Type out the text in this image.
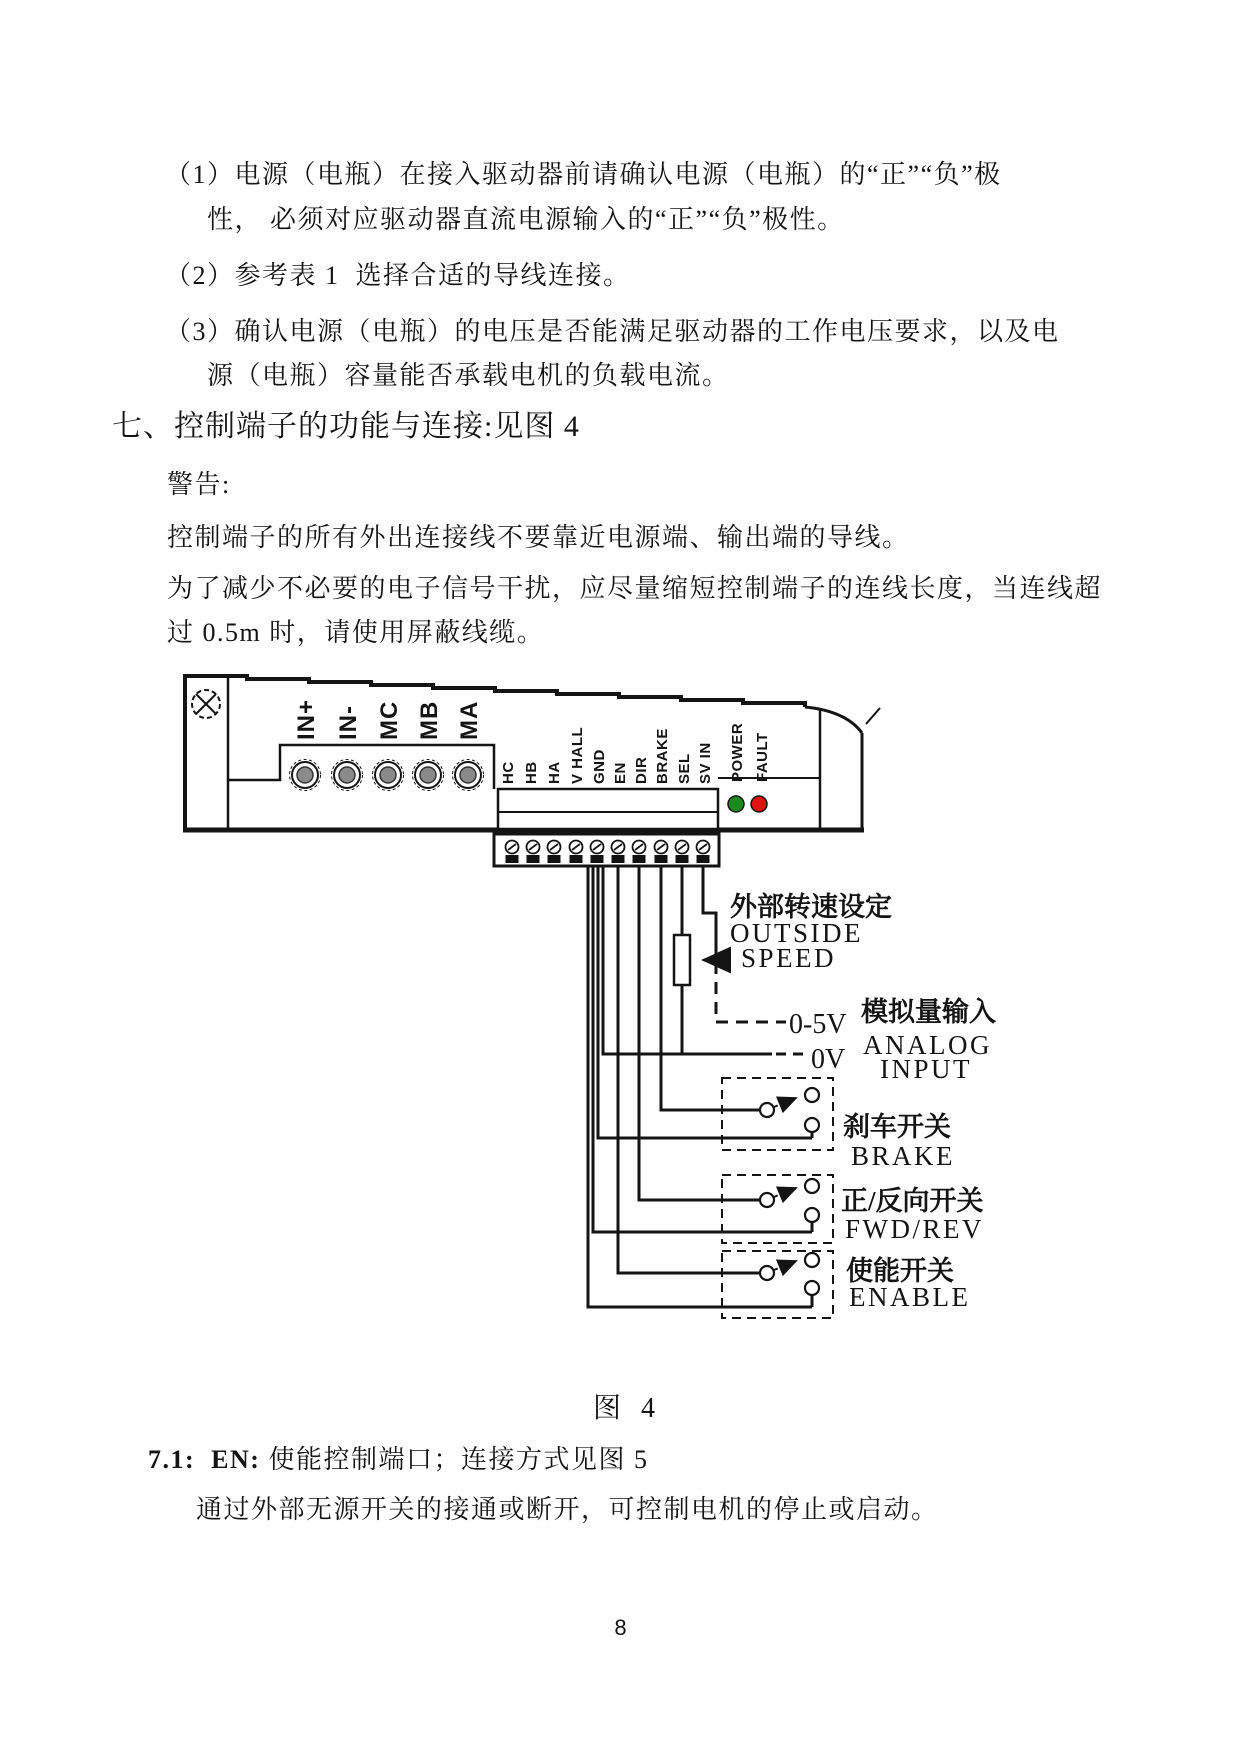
（1）电源（电瓶）在接入驱动器前请确认电源（电瓶）的“正”“负”极
性， 必须对应驱动器直流电源输入的“正”“负”极性。
（2）参考表 1  选择合适的导线连接。
（3）确认电源（电瓶）的电压是否能满足驱动器的工作电压要求，以及电
源（电瓶）容量能否承载电机的负载电流。
七、控制端子的功能与连接:见图 4
警告:
控制端子的所有外出连接线不要靠近电源端、输出端的导线。
为了减少不必要的电子信号干扰，应尽量缩短控制端子的连线长度，当连线超
过 0.5m 时，请使用屏蔽线缆。
IN+ IN- MC MB MA
HC HB HA V HALL GND EN DIR BRAKE SEL SV IN POWER FAULT
外部转速设定
OUTSIDE
SPEED
0-5V 模拟量输入
ANALOG
INPUT
0V
刹车开关
BRAKE
正/反向开关
FWD/REV
使能开关
ENABLE
图  4
7.1:  EN: 使能控制端口；连接方式见图 5
通过外部无源开关的接通或断开，可控制电机的停止或启动。
8
